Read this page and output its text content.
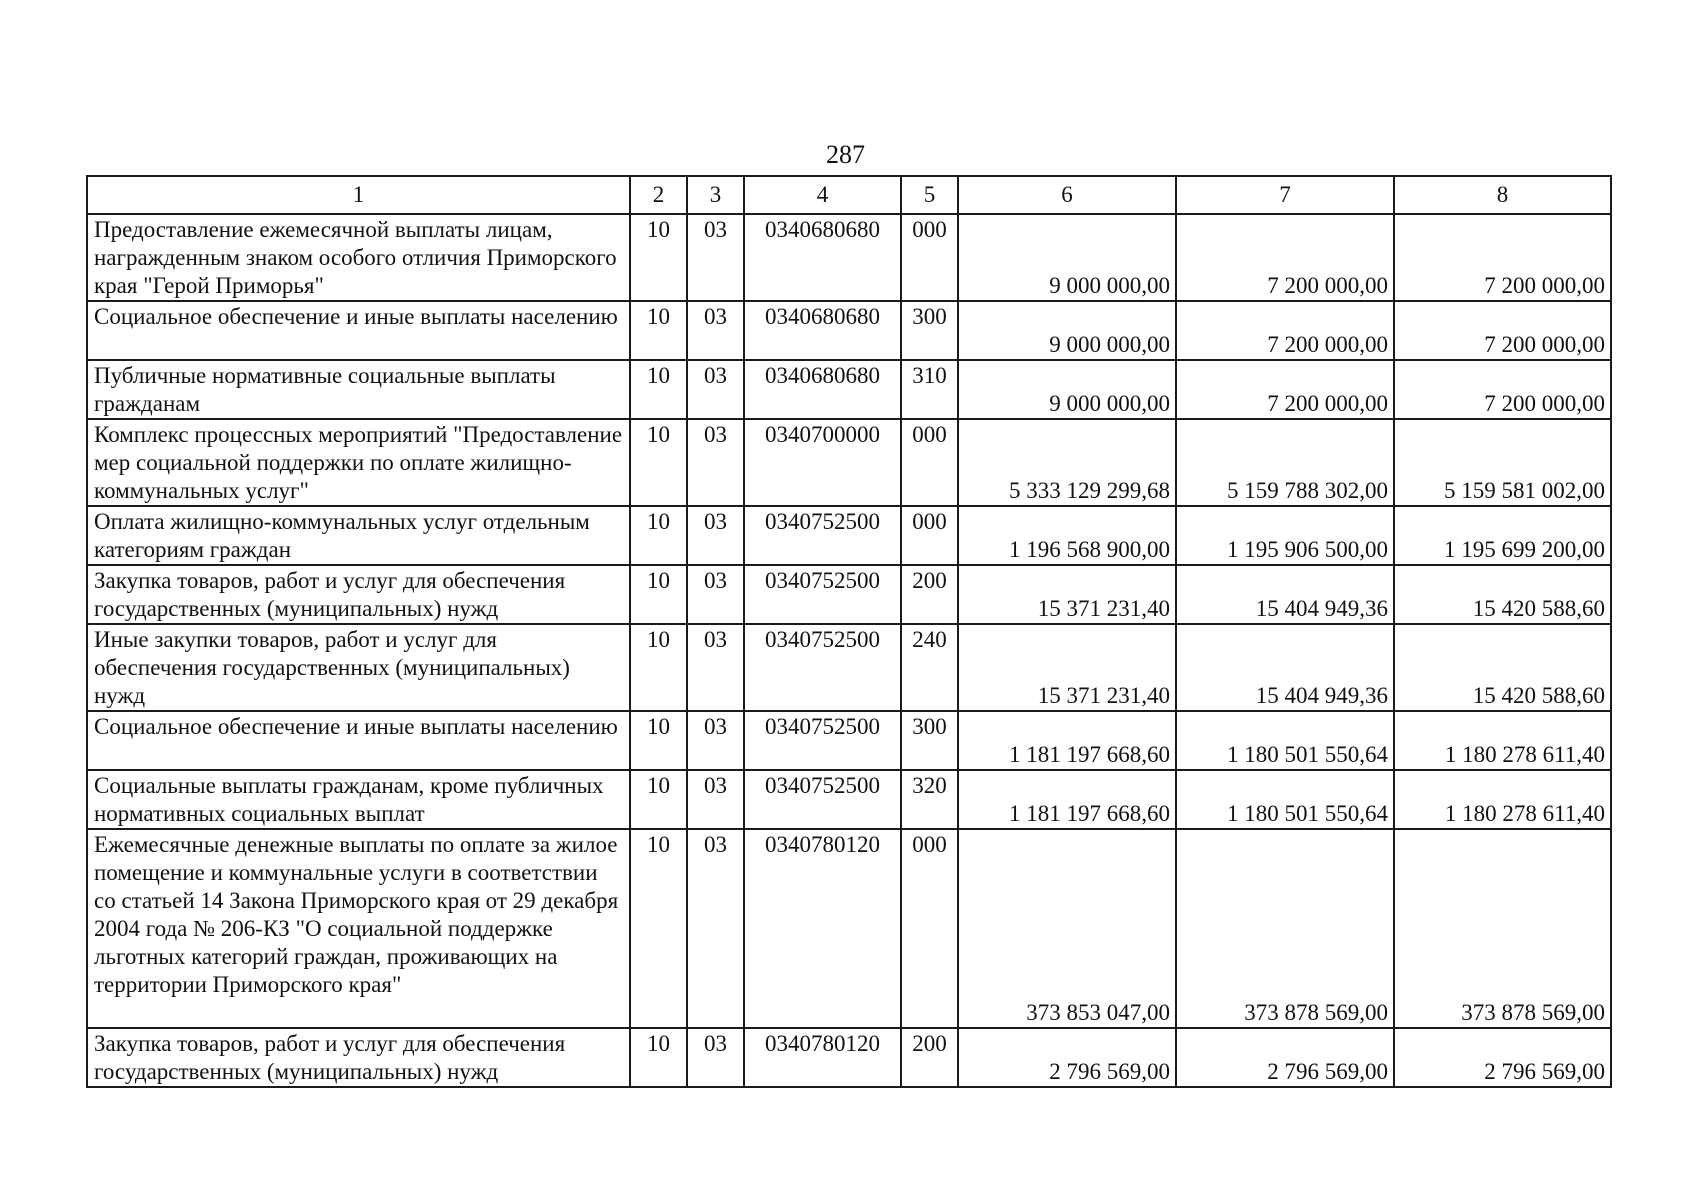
287
1	2	3	4	5	6	7	8
Предоставление ежемесячной выплаты лицам, награжденным знаком особого отличия Приморского края "Герой Приморья"	10	03	0340680680	000	9 000 000,00	7 200 000,00	7 200 000,00
Социальное обеспечение и иные выплаты населению	10	03	0340680680	300	9 000 000,00	7 200 000,00	7 200 000,00
Публичные нормативные социальные выплаты гражданам	10	03	0340680680	310	9 000 000,00	7 200 000,00	7 200 000,00
Комплекс процессных мероприятий "Предоставление мер социальной поддержки по оплате жилищно-коммунальных услуг"	10	03	0340700000	000	5 333 129 299,68	5 159 788 302,00	5 159 581 002,00
Оплата жилищно-коммунальных услуг отдельным категориям граждан	10	03	0340752500	000	1 196 568 900,00	1 195 906 500,00	1 195 699 200,00
Закупка товаров, работ и услуг для обеспечения государственных (муниципальных) нужд	10	03	0340752500	200	15 371 231,40	15 404 949,36	15 420 588,60
Иные закупки товаров, работ и услуг для обеспечения государственных (муниципальных) нужд	10	03	0340752500	240	15 371 231,40	15 404 949,36	15 420 588,60
Социальное обеспечение и иные выплаты населению	10	03	0340752500	300	1 181 197 668,60	1 180 501 550,64	1 180 278 611,40
Социальные выплаты гражданам, кроме публичных нормативных социальных выплат	10	03	0340752500	320	1 181 197 668,60	1 180 501 550,64	1 180 278 611,40
Ежемесячные денежные выплаты по оплате за жилое помещение и коммунальные услуги в соответствии со статьей 14 Закона Приморского края от 29 декабря 2004 года № 206-КЗ "О социальной поддержке льготных категорий граждан, проживающих на территории Приморского края"	10	03	0340780120	000	373 853 047,00	373 878 569,00	373 878 569,00
Закупка товаров, работ и услуг для обеспечения государственных (муниципальных) нужд	10	03	0340780120	200	2 796 569,00	2 796 569,00	2 796 569,00
